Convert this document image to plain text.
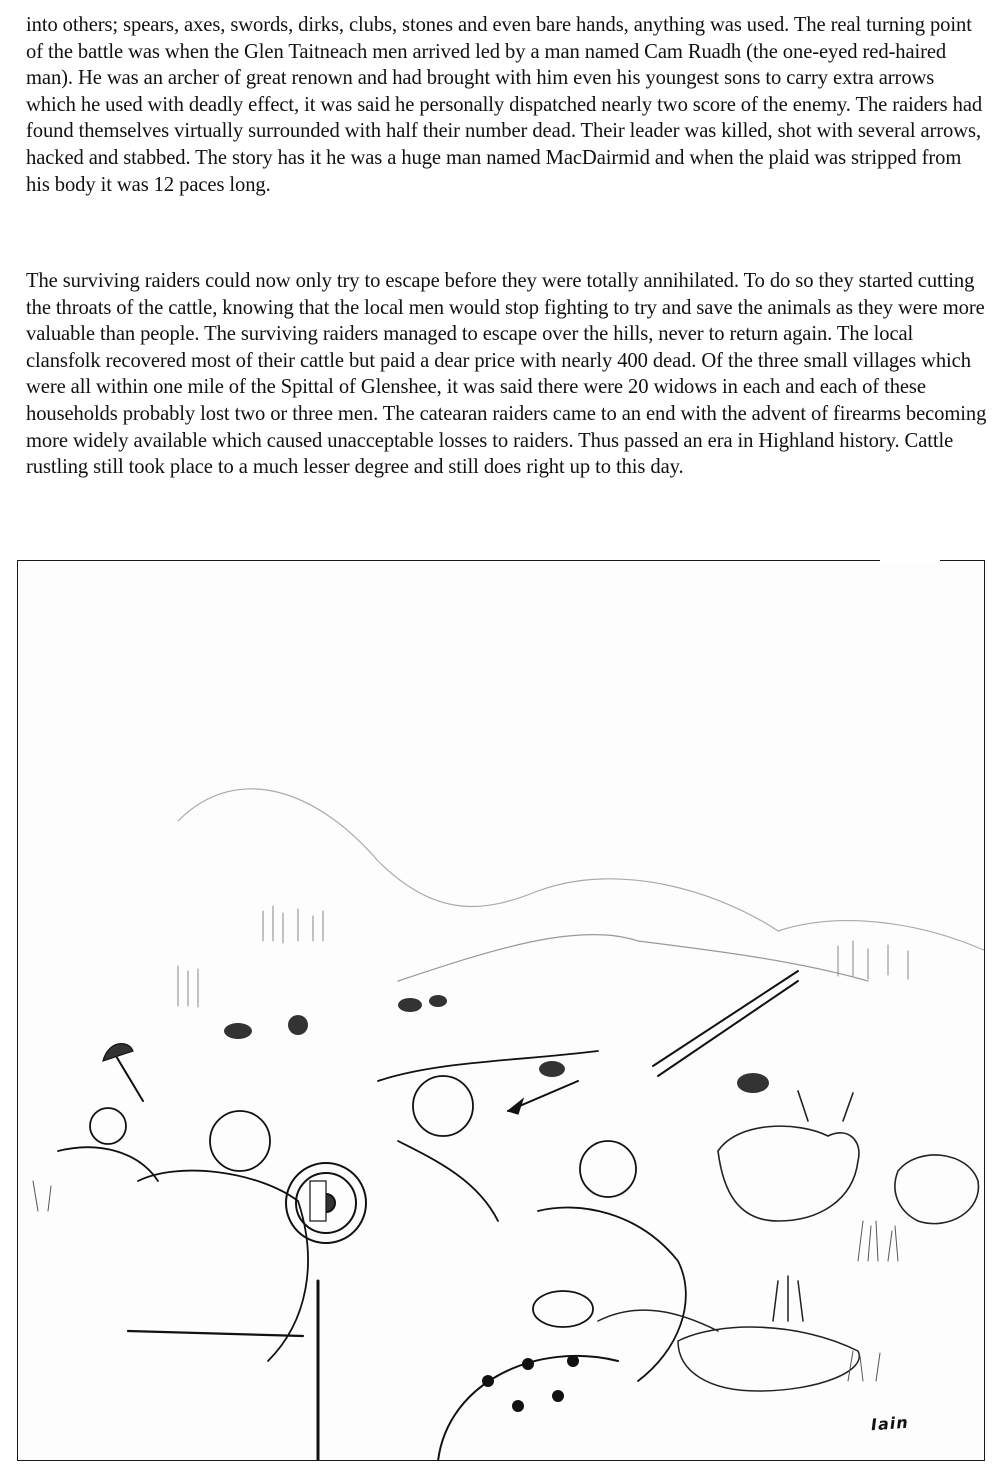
into others; spears, axes, swords, dirks, clubs, stones and even bare hands, anything was used. The real turning point of the battle was when the Glen Taitneach men arrived led by a man named Cam Ruadh (the one-eyed red-haired man). He was an archer of great renown and had brought with him even his youngest sons to carry extra arrows which he used with deadly effect, it was said he personally dispatched nearly two score of the enemy. The raiders had found themselves virtually surrounded with half their number dead. Their leader was killed, shot with several arrows, hacked and stabbed. The story has it he was a huge man named MacDairmid and when the plaid was stripped from his body it was 12 paces long.

The surviving raiders could now only try to escape before they were totally annihilated. To do so they started cutting the throats of the cattle, knowing that the local men would stop fighting to try and save the animals as they were more valuable than people. The surviving raiders managed to escape over the hills, never to return again. The local clansfolk recovered most of their cattle but paid a dear price with nearly 400 dead. Of the three small villages which were all within one mile of the Spittal of Glenshee, it was said there were 20 widows in each and each of these households probably lost two or three men. The catearan raiders came to an end with the advent of firearms becoming more widely available which caused unacceptable losses to raiders. Thus passed an era in Highland history. Cattle rustling still took place to a much lesser degree and still does right up to this day.

Iain
